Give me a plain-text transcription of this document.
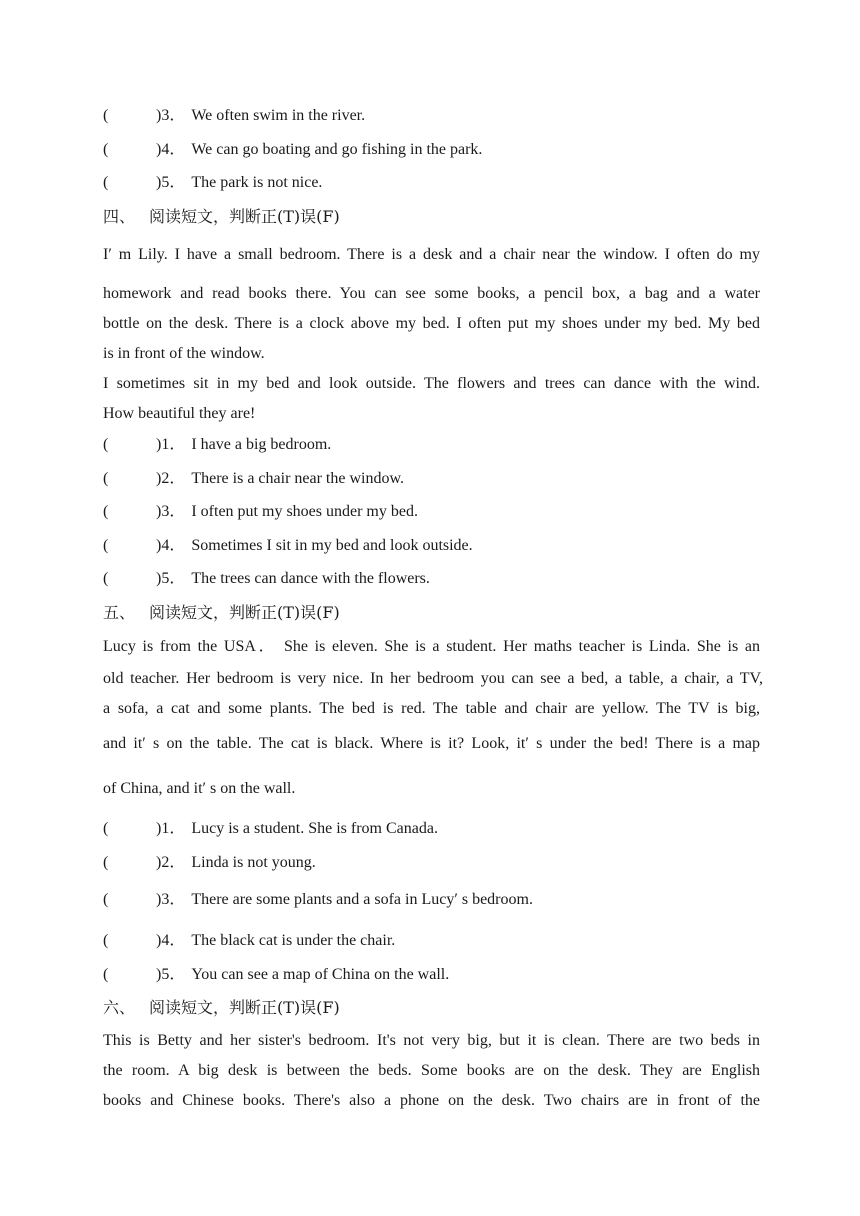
(	) 3． We often swim in the river.
(	) 4． We can go boating and go fishing in the park.
(	) 5． The park is not nice.
四、 阅读短文，判断正(T)误(F)
I′ m Lily. I have a small bedroom. There is a desk and a chair near the window. I often do my
homework and read books there. You can see some books, a pencil box, a bag and a water
bottle on the desk. There is a clock above my bed. I often put my shoes under my bed. My bed
is in front of the window.
I sometimes sit in my bed and look outside. The flowers and trees can dance with the wind.
How beautiful they are!
(	) 1． I have a big bedroom.
(	) 2． There is a chair near the window.
(	) 3． I often put my shoes under my bed.
(	) 4． Sometimes I sit in my bed and look outside.
(	) 5． The trees can dance with the flowers.
五、 阅读短文，判断正(T)误(F)
Lucy is from the USA． She is eleven. She is a student. Her maths teacher is Linda. She is an
old teacher. Her bedroom is very nice. In her bedroom you can see a bed, a table, a chair, a TV,
a sofa, a cat and some plants. The bed is red. The table and chair are yellow. The TV is big,
and it′ s on the table. The cat is black. Where is it? Look, it′ s under the bed! There is a map
of China, and it′ s on the wall.
(	) 1． Lucy is a student. She is from Canada.
(	) 2． Linda is not young.
(	) 3． There are some plants and a sofa in Lucy′ s bedroom.
(	) 4． The black cat is under the chair.
(	) 5． You can see a map of China on the wall.
六、 阅读短文，判断正(T)误(F)
This is Betty and her sister's bedroom. It's not very big, but it is clean. There are two beds in
the room. A big desk is between the beds. Some books are on the desk. They are English
books and Chinese books. There's also a phone on the desk. Two chairs are in front of the
